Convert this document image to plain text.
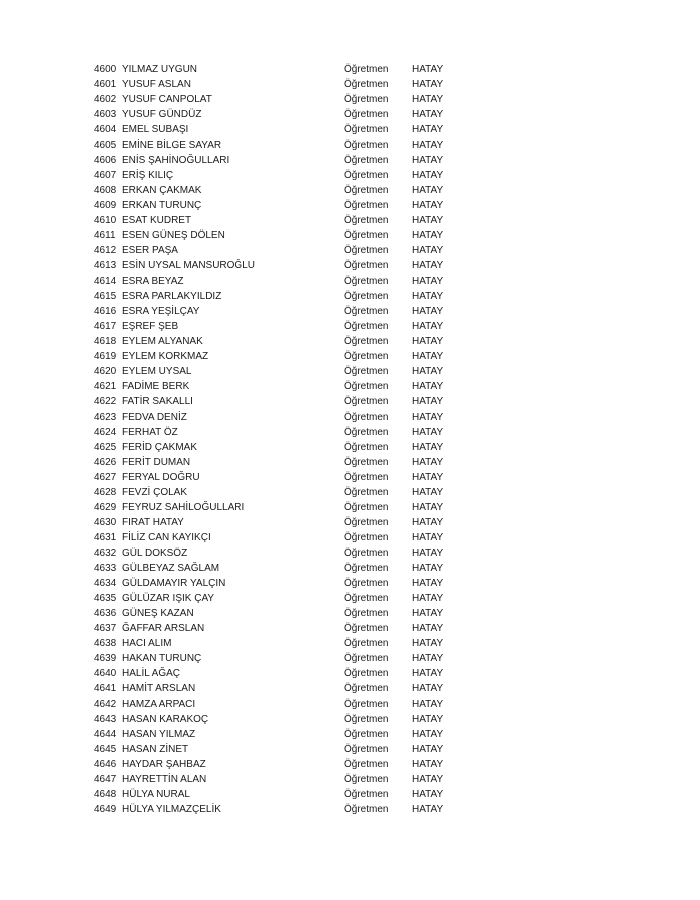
4600 YILMAZ UYGUN	Öğretmen HATAY
4601 YUSUF ASLAN	Öğretmen HATAY
4602 YUSUF CANPOLAT	Öğretmen HATAY
4603 YUSUF GÜNDÜZ	Öğretmen HATAY
4604 EMEL SUBAŞI	Öğretmen HATAY
4605 EMİNE BİLGE SAYAR	Öğretmen HATAY
4606 ENİS ŞAHİNOĞULLARI	Öğretmen HATAY
4607 ERİŞ KILIÇ	Öğretmen HATAY
4608 ERKAN ÇAKMAK	Öğretmen HATAY
4609 ERKAN TURUNÇ	Öğretmen HATAY
4610 ESAT KUDRET	Öğretmen HATAY
4611 ESEN GÜNEŞ DÖLEN	Öğretmen HATAY
4612 ESER PAŞA	Öğretmen HATAY
4613 ESİN UYSAL MANSUROĞLU	Öğretmen HATAY
4614 ESRA BEYAZ	Öğretmen HATAY
4615 ESRA PARLAKYILDIZ	Öğretmen HATAY
4616 ESRA YEŞİLÇAY	Öğretmen HATAY
4617 EŞREF ŞEB	Öğretmen HATAY
4618 EYLEM ALYANAK	Öğretmen HATAY
4619 EYLEM KORKMAZ	Öğretmen HATAY
4620 EYLEM UYSAL	Öğretmen HATAY
4621 FADİME BERK	Öğretmen HATAY
4622 FATİR SAKALLI	Öğretmen HATAY
4623 FEDVA DENİZ	Öğretmen HATAY
4624 FERHAT ÖZ	Öğretmen HATAY
4625 FERİD ÇAKMAK	Öğretmen HATAY
4626 FERİT DUMAN	Öğretmen HATAY
4627 FERYAL DOĞRU	Öğretmen HATAY
4628 FEVZİ ÇOLAK	Öğretmen HATAY
4629 FEYRUZ SAHİLOĞULLARI	Öğretmen HATAY
4630 FIRAT HATAY	Öğretmen HATAY
4631 FİLİZ CAN KAYIKÇI	Öğretmen HATAY
4632 GÜL DOKSÖZ	Öğretmen HATAY
4633 GÜLBEYAZ SAĞLAM	Öğretmen HATAY
4634 GÜLDAMAYIR YALÇIN	Öğretmen HATAY
4635 GÜLÜZAR IŞIK ÇAY	Öğretmen HATAY
4636 GÜNEŞ KAZAN	Öğretmen HATAY
4637 ĞAFFAR ARSLAN	Öğretmen HATAY
4638 HACI ALIM	Öğretmen HATAY
4639 HAKAN TURUNÇ	Öğretmen HATAY
4640 HALİL AĞAÇ	Öğretmen HATAY
4641 HAMİT ARSLAN	Öğretmen HATAY
4642 HAMZA ARPACI	Öğretmen HATAY
4643 HASAN KARAKOÇ	Öğretmen HATAY
4644 HASAN YILMAZ	Öğretmen HATAY
4645 HASAN ZİNET	Öğretmen HATAY
4646 HAYDAR ŞAHBAZ	Öğretmen HATAY
4647 HAYRETTİN ALAN	Öğretmen HATAY
4648 HÜLYA NURAL	Öğretmen HATAY
4649 HÜLYA YILMAZÇELİK	Öğretmen HATAY
